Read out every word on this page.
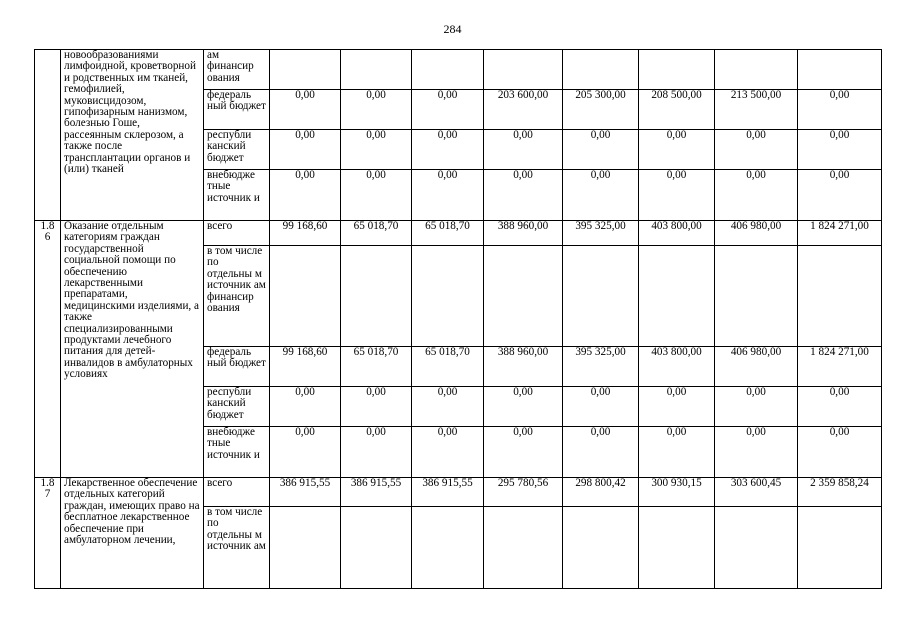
284
	новообразованиями лимфоидной, кроветворной и родственных им тканей, гемофилией, муковисцидозом, гипофизарным нанизмом, болезнью Гоше, рассеянным склерозом, а также после трансплантации органов и (или) тканей	ам финансир ования								
		федераль ный бюджет	0,00	0,00	0,00	203 600,00	205 300,00	208 500,00	213 500,00	0,00
		республи канский бюджет	0,00	0,00	0,00	0,00	0,00	0,00	0,00	0,00
		внебюдже тные источник и	0,00	0,00	0,00	0,00	0,00	0,00	0,00	0,00
1.8 6	Оказание отдельным категориям граждан государственной социальной помощи по обеспечению лекарственными препаратами, медицинскими изделиями, а также специализированными продуктами лечебного питания для детей-инвалидов в амбулаторных условиях	всего	99 168,60	65 018,70	65 018,70	388 960,00	395 325,00	403 800,00	406 980,00	1 824 271,00
		в том числе по отдельны м источник ам финансир ования								
		федераль ный бюджет	99 168,60	65 018,70	65 018,70	388 960,00	395 325,00	403 800,00	406 980,00	1 824 271,00
		республи канский бюджет	0,00	0,00	0,00	0,00	0,00	0,00	0,00	0,00
		внебюдже тные источник и	0,00	0,00	0,00	0,00	0,00	0,00	0,00	0,00
1.8 7	Лекарственное обеспечение отдельных категорий граждан, имеющих право на бесплатное лекарственное обеспечение при амбулаторном лечении,	всего	386 915,55	386 915,55	386 915,55	295 780,56	298 800,42	300 930,15	303 600,45	2 359 858,24
		в том числе по отдельны м источник ам								
